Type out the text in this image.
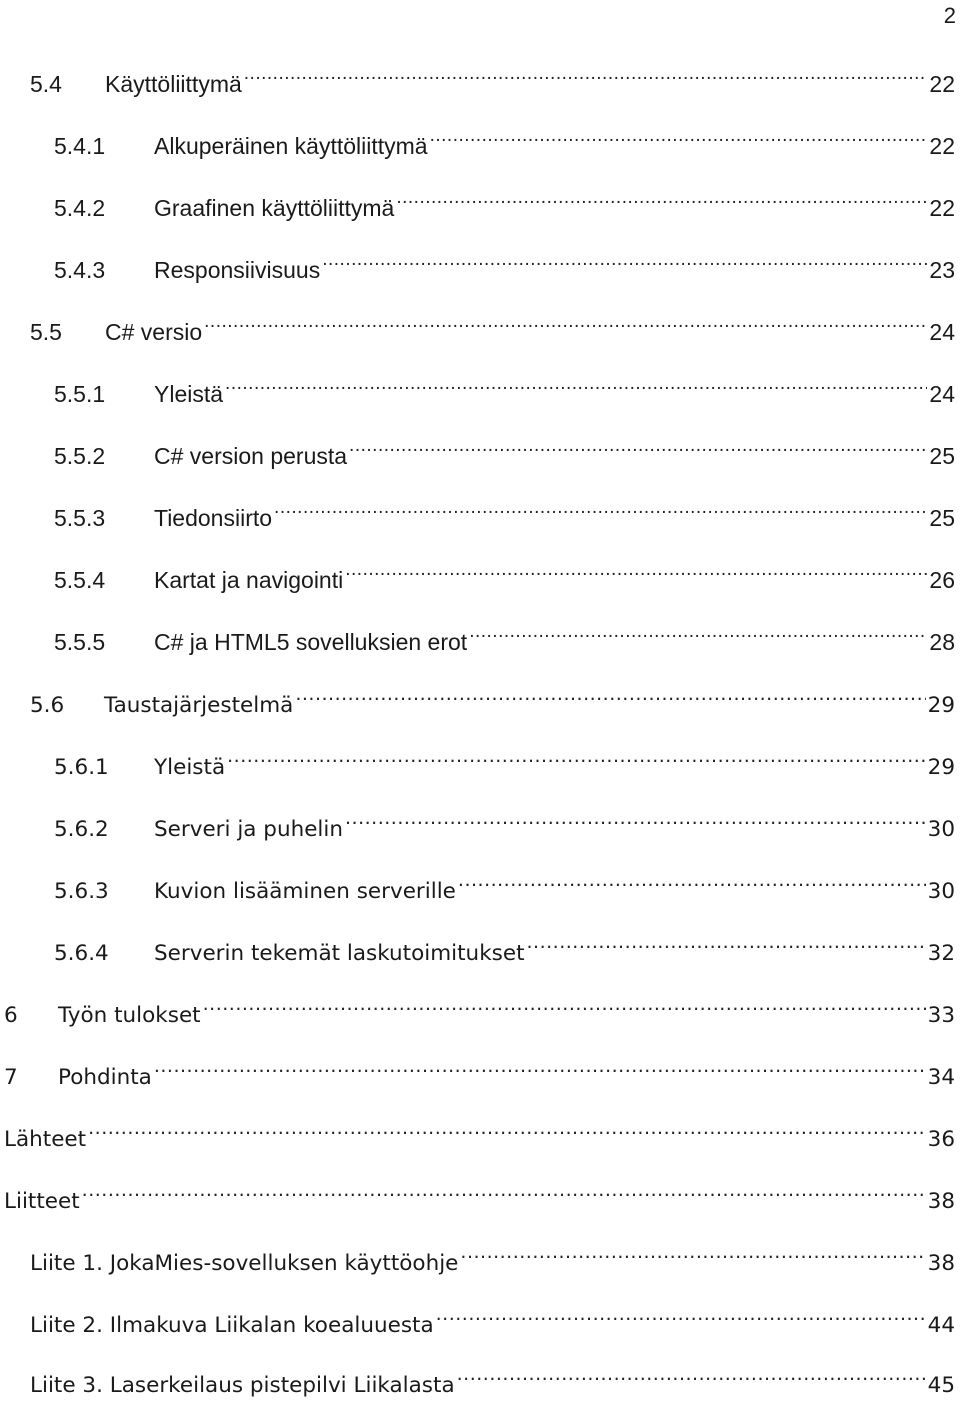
2
5.4	Käyttöliittymä .....	22
5.4.1	Alkuperäinen käyttöliittymä .....	22
5.4.2	Graafinen käyttöliittymä .....	22
5.4.3	Responsiivisuus .....	23
5.5	C# versio .....	24
5.5.1	Yleistä .....	24
5.5.2	C# version perusta .....	25
5.5.3	Tiedonsiirto .....	25
5.5.4	Kartat ja navigointi .....	26
5.5.5	C# ja HTML5 sovelluksien erot .....	28
5.6	Taustajärjestelmä .....	29
5.6.1	Yleistä .....	29
5.6.2	Serveri ja puhelin .....	30
5.6.3	Kuvion lisääminen serverille .....	30
5.6.4	Serverin tekemät laskutoimitukset .....	32
6	Työn tulokset .....	33
7	Pohdinta .....	34
Lähteet .....	36
Liitteet .....	38
Liite 1. JokaMies-sovelluksen käyttöohje .....	38
Liite 2. Ilmakuva Liikalan koealuuesta .....	44
Liite 3. Laserkeilaus pistepilvi Liikalasta .....	45
